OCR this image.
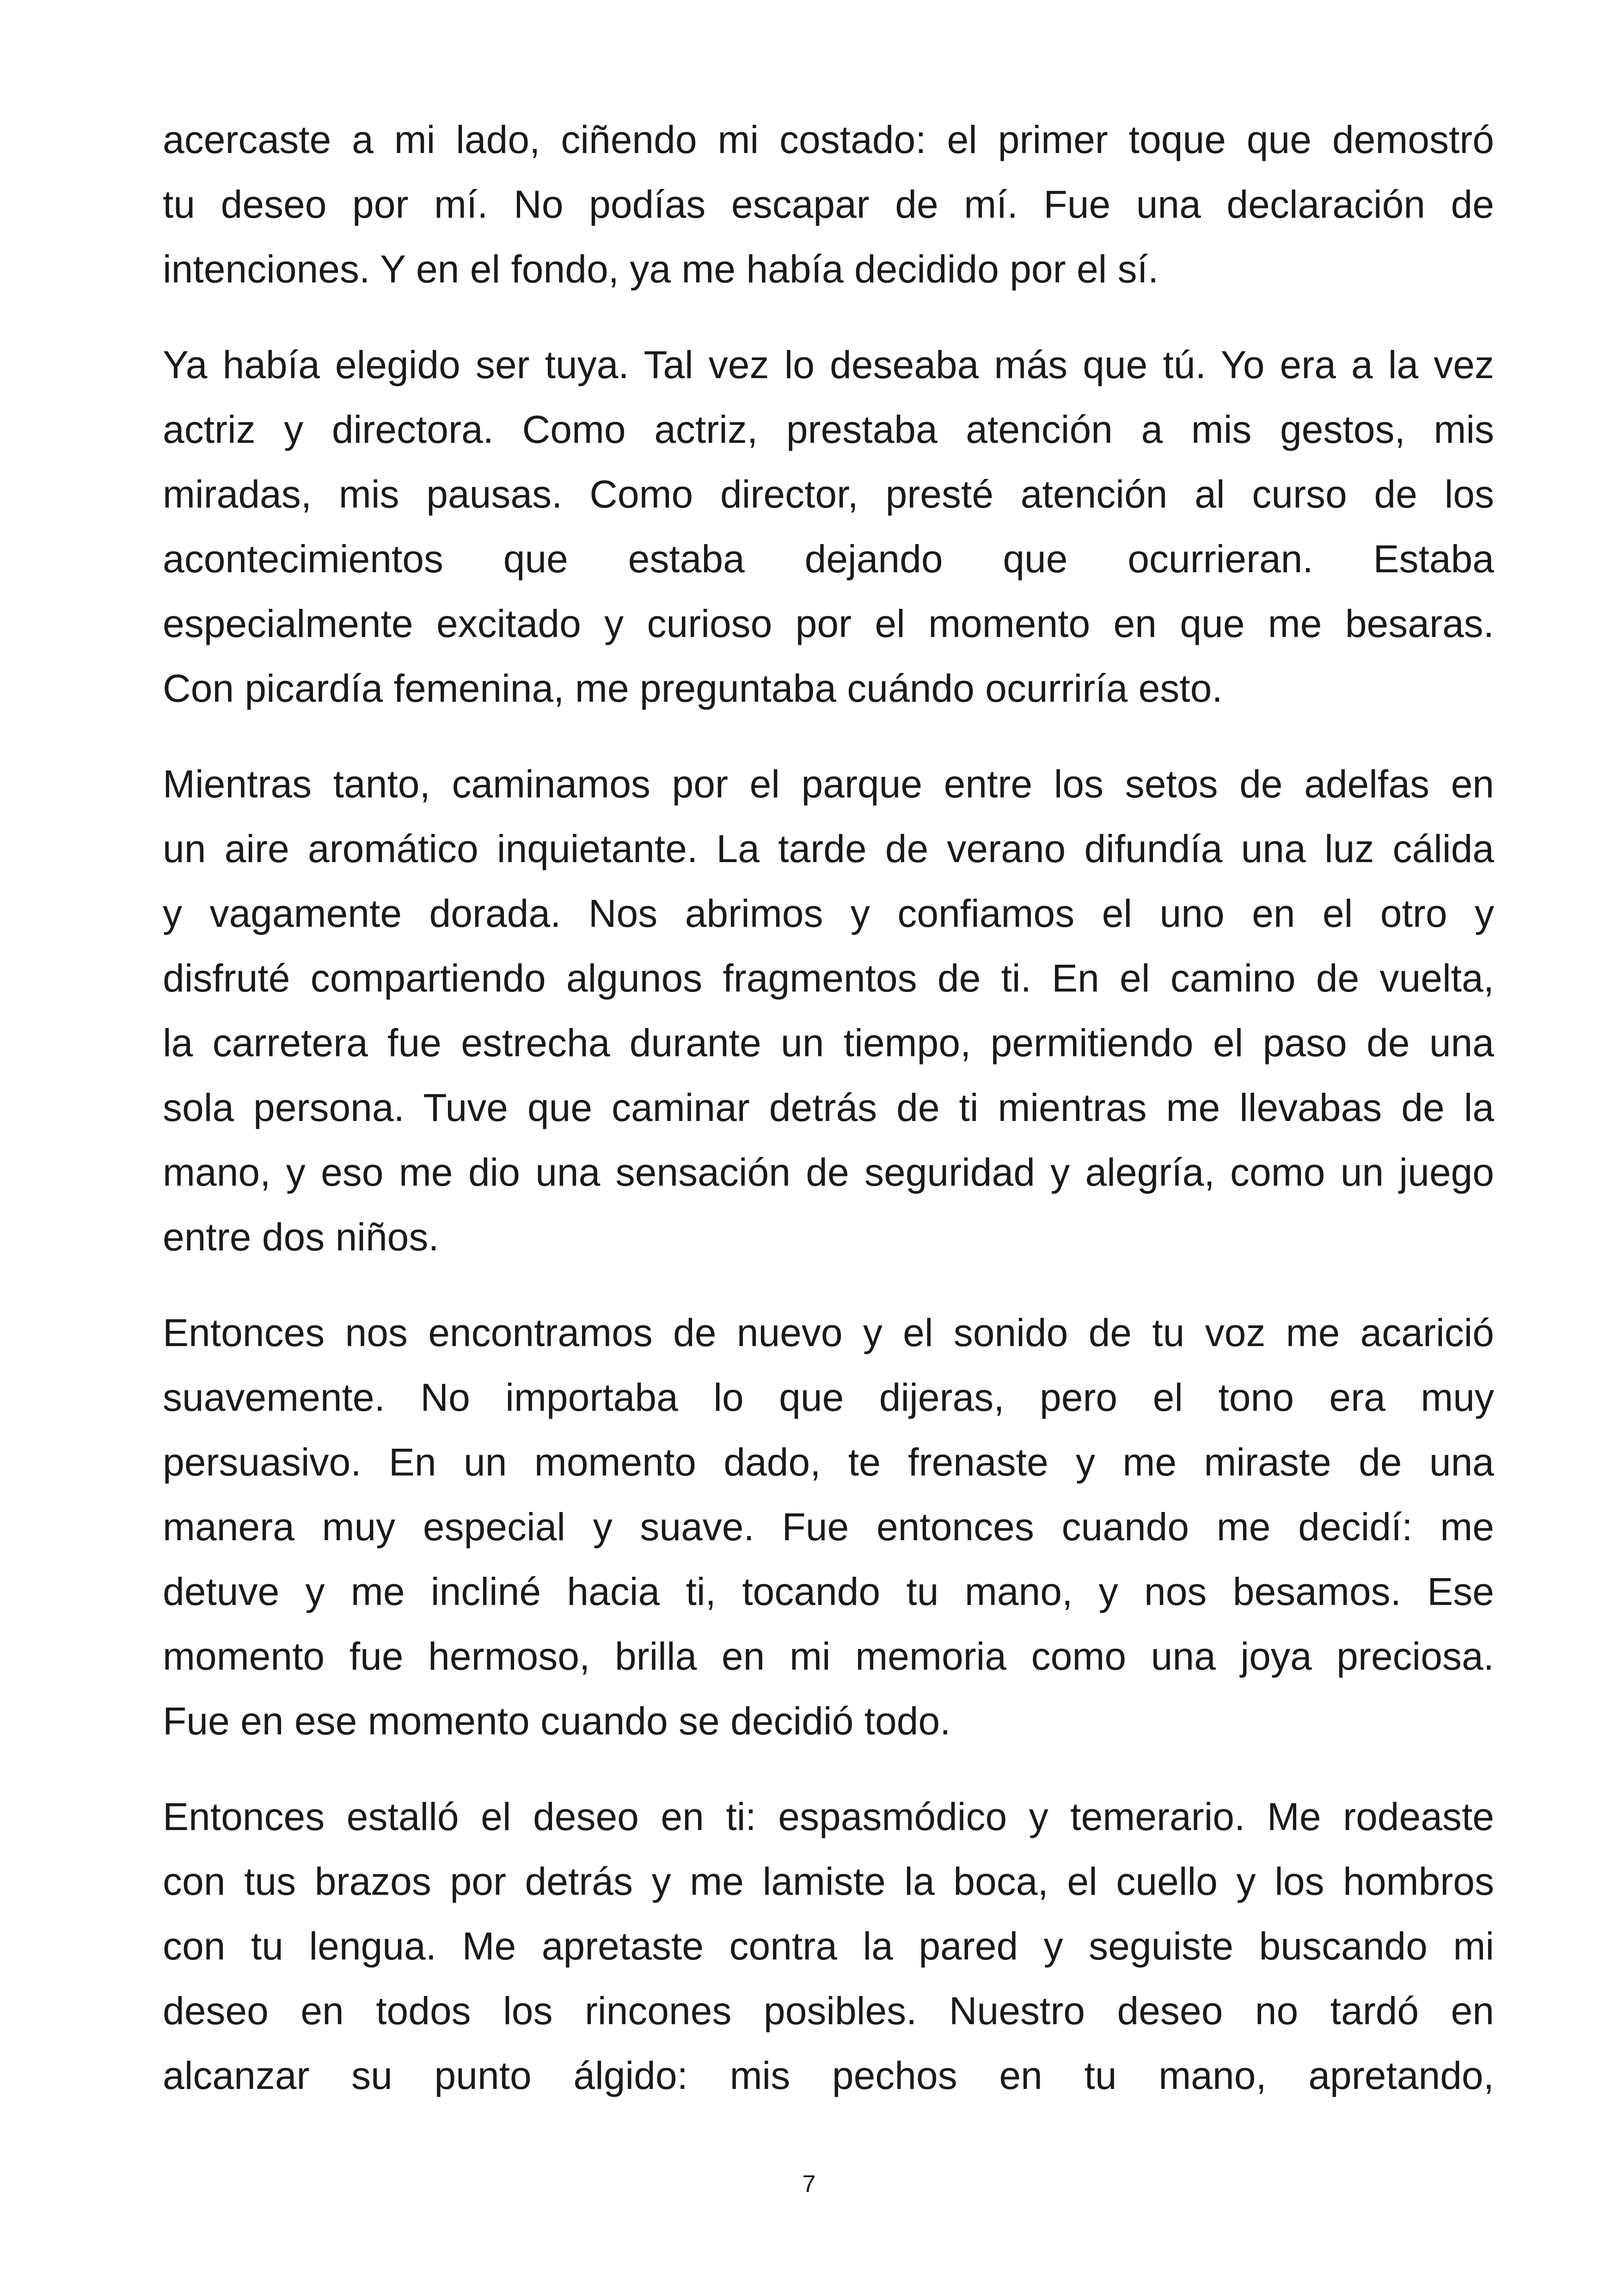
acercaste a mi lado, ciñendo mi costado: el primer toque que demostró
tu deseo por mí. No podías escapar de mí. Fue una declaración de
intenciones. Y en el fondo, ya me había decidido por el sí.
Ya había elegido ser tuya. Tal vez lo deseaba más que tú. Yo era a la vez
actriz y directora. Como actriz, prestaba atención a mis gestos, mis
miradas, mis pausas. Como director, presté atención al curso de los
acontecimientos que estaba dejando que ocurrieran. Estaba
especialmente excitado y curioso por el momento en que me besaras.
Con picardía femenina, me preguntaba cuándo ocurriría esto.
Mientras tanto, caminamos por el parque entre los setos de adelfas en
un aire aromático inquietante. La tarde de verano difundía una luz cálida
y vagamente dorada. Nos abrimos y confiamos el uno en el otro y
disfruté compartiendo algunos fragmentos de ti. En el camino de vuelta,
la carretera fue estrecha durante un tiempo, permitiendo el paso de una
sola persona. Tuve que caminar detrás de ti mientras me llevabas de la
mano, y eso me dio una sensación de seguridad y alegría, como un juego
entre dos niños.
Entonces nos encontramos de nuevo y el sonido de tu voz me acarició
suavemente. No importaba lo que dijeras, pero el tono era muy
persuasivo. En un momento dado, te frenaste y me miraste de una
manera muy especial y suave. Fue entonces cuando me decidí: me
detuve y me incliné hacia ti, tocando tu mano, y nos besamos. Ese
momento fue hermoso, brilla en mi memoria como una joya preciosa.
Fue en ese momento cuando se decidió todo.
Entonces estalló el deseo en ti: espasmódico y temerario. Me rodeaste
con tus brazos por detrás y me lamiste la boca, el cuello y los hombros
con tu lengua. Me apretaste contra la pared y seguiste buscando mi
deseo en todos los rincones posibles. Nuestro deseo no tardó en
alcanzar su punto álgido: mis pechos en tu mano, apretando,
7
